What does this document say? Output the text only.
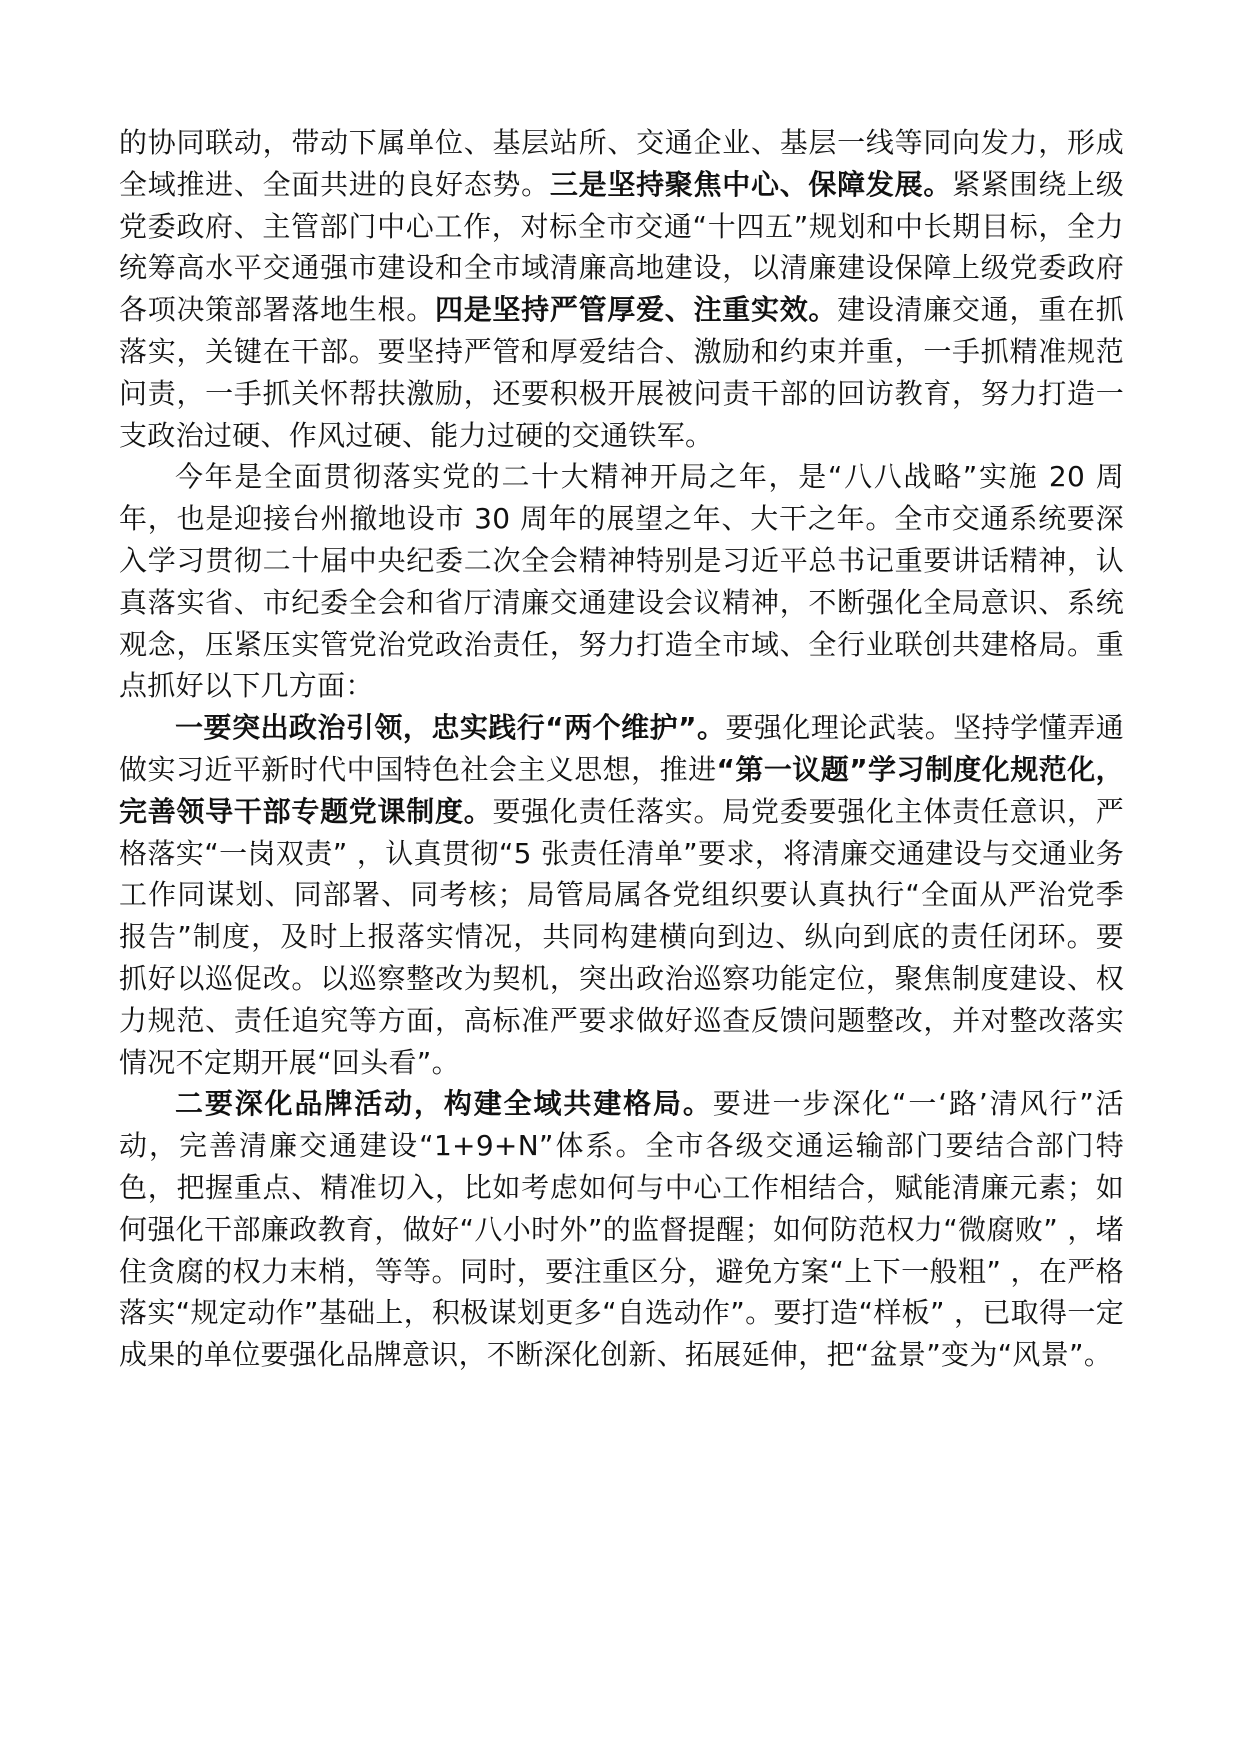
的协同联动，带动下属单位、基层站所、交通企业、基层一线等同向发力，形成全域推进、全面共进的良好态势。三是坚持聚焦中心、保障发展。紧紧围绕上级党委政府、主管部门中心工作，对标全市交通“十四五”规划和中长期目标，全力统筹高水平交通强市建设和全市域清廉高地建设，以清廉建设保障上级党委政府各项决策部署落地生根。四是坚持严管厚爱、注重实效。建设清廉交通，重在抓落实，关键在干部。要坚持严管和厚爱结合、激励和约束并重，一手抓精准规范问责，一手抓关怀帮扶激励，还要积极开展被问责干部的回访教育，努力打造一支政治过硬、作风过硬、能力过硬的交通铁军。

今年是全面贯彻落实党的二十大精神开局之年，是“八八战略”实施 20 周年，也是迎接台州撤地设市 30 周年的展望之年、大干之年。全市交通系统要深入学习贯彻二十届中央纪委二次全会精神特别是习近平总书记重要讲话精神，认真落实省、市纪委全会和省厅清廉交通建设会议精神，不断强化全局意识、系统观念，压紧压实管党治党政治责任，努力打造全市域、全行业联创共建格局。重点抓好以下几方面：

一要突出政治引领，忠实践行“两个维护”。要强化理论武装。坚持学懂弄通做实习近平新时代中国特色社会主义思想，推进“第一议题”学习制度化规范化，完善领导干部专题党课制度。要强化责任落实。局党委要强化主体责任意识，严格落实“一岗双责” ，认真贯彻“5 张责任清单”要求，将清廉交通建设与交通业务工作同谋划、同部署、同考核；局管局属各党组织要认真执行“全面从严治党季报告”制度，及时上报落实情况，共同构建横向到边、纵向到底的责任闭环。要抓好以巡促改。以巡察整改为契机，突出政治巡察功能定位，聚焦制度建设、权力规范、责任追究等方面，高标准严要求做好巡查反馈问题整改，并对整改落实情况不定期开展“回头看”。

二要深化品牌活动，构建全域共建格局。要进一步深化“一‘路’清风行”活动，完善清廉交通建设“1+9+N”体系。全市各级交通运输部门要结合部门特色，把握重点、精准切入，比如考虑如何与中心工作相结合，赋能清廉元素；如何强化干部廉政教育，做好“八小时外”的监督提醒；如何防范权力“微腐败” ，堵住贪腐的权力末梢，等等。同时，要注重区分，避免方案“上下一般粗” ，在严格落实“规定动作”基础上，积极谋划更多“自选动作”。要打造“样板” ，已取得一定成果的单位要强化品牌意识，不断深化创新、拓展延伸，把“盆景”变为“风景”。
